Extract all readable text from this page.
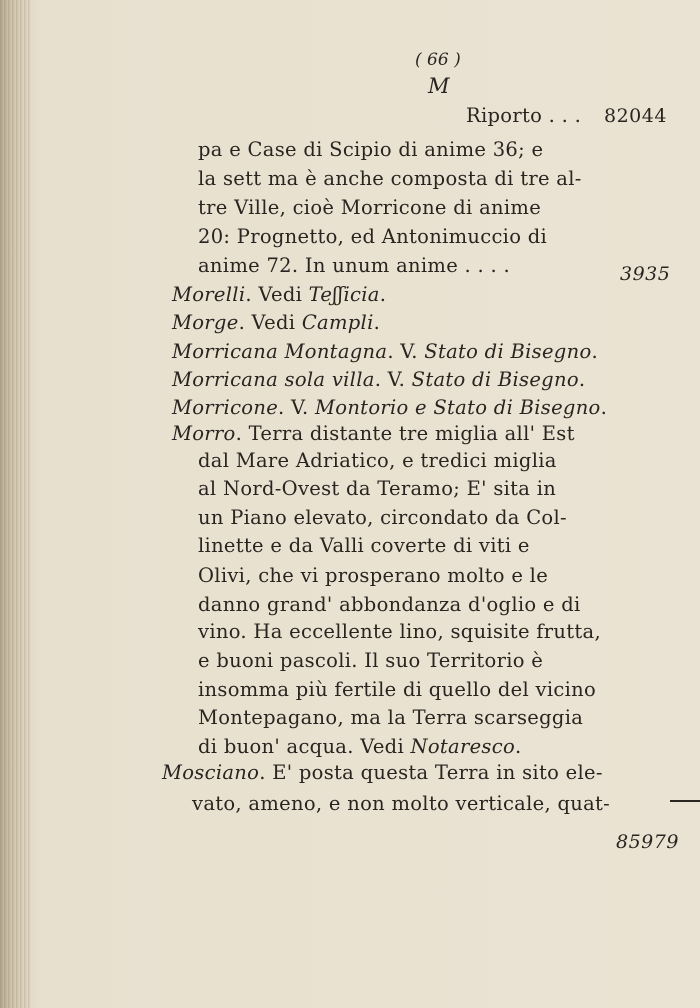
( 66 )
M
Riporto . . . 82044
pa e Case di Scipio di anime 36; e
la sett ma è anche composta di tre al-
tre Ville, cioè Morricone di anime
20: Prognetto, ed Antonimuccio di
anime 72. In unum anime . . . .
Morelli. Vedi Teʃʃicia.
Morge. Vedi Campli.
Morricana Montagna. V. Stato di Bisegno.
Morricana sola villa. V. Stato di Bisegno.
Morricone. V. Montorio e Stato di Bisegno.
Morro. Terra distante tre miglia all' Est
dal Mare Adriatico, e tredici miglia
al Nord-Ovest da Teramo; E' sita in
un Piano elevato, circondato da Col-
linette e da Valli coverte di viti e
Olivi, che vi prosperano molto e le
danno grand' abbondanza d'oglio e di
vino. Ha eccellente lino, squisite frutta,
e buoni pascoli. Il suo Territorio è
insomma più fertile di quello del vicino
Montepagano, ma la Terra scarseggia
di buon' acqua. Vedi Notaresco.
Mosciano. E' posta questa Terra in sito ele-
vato, ameno, e non molto verticale, quat-
3935
85979
